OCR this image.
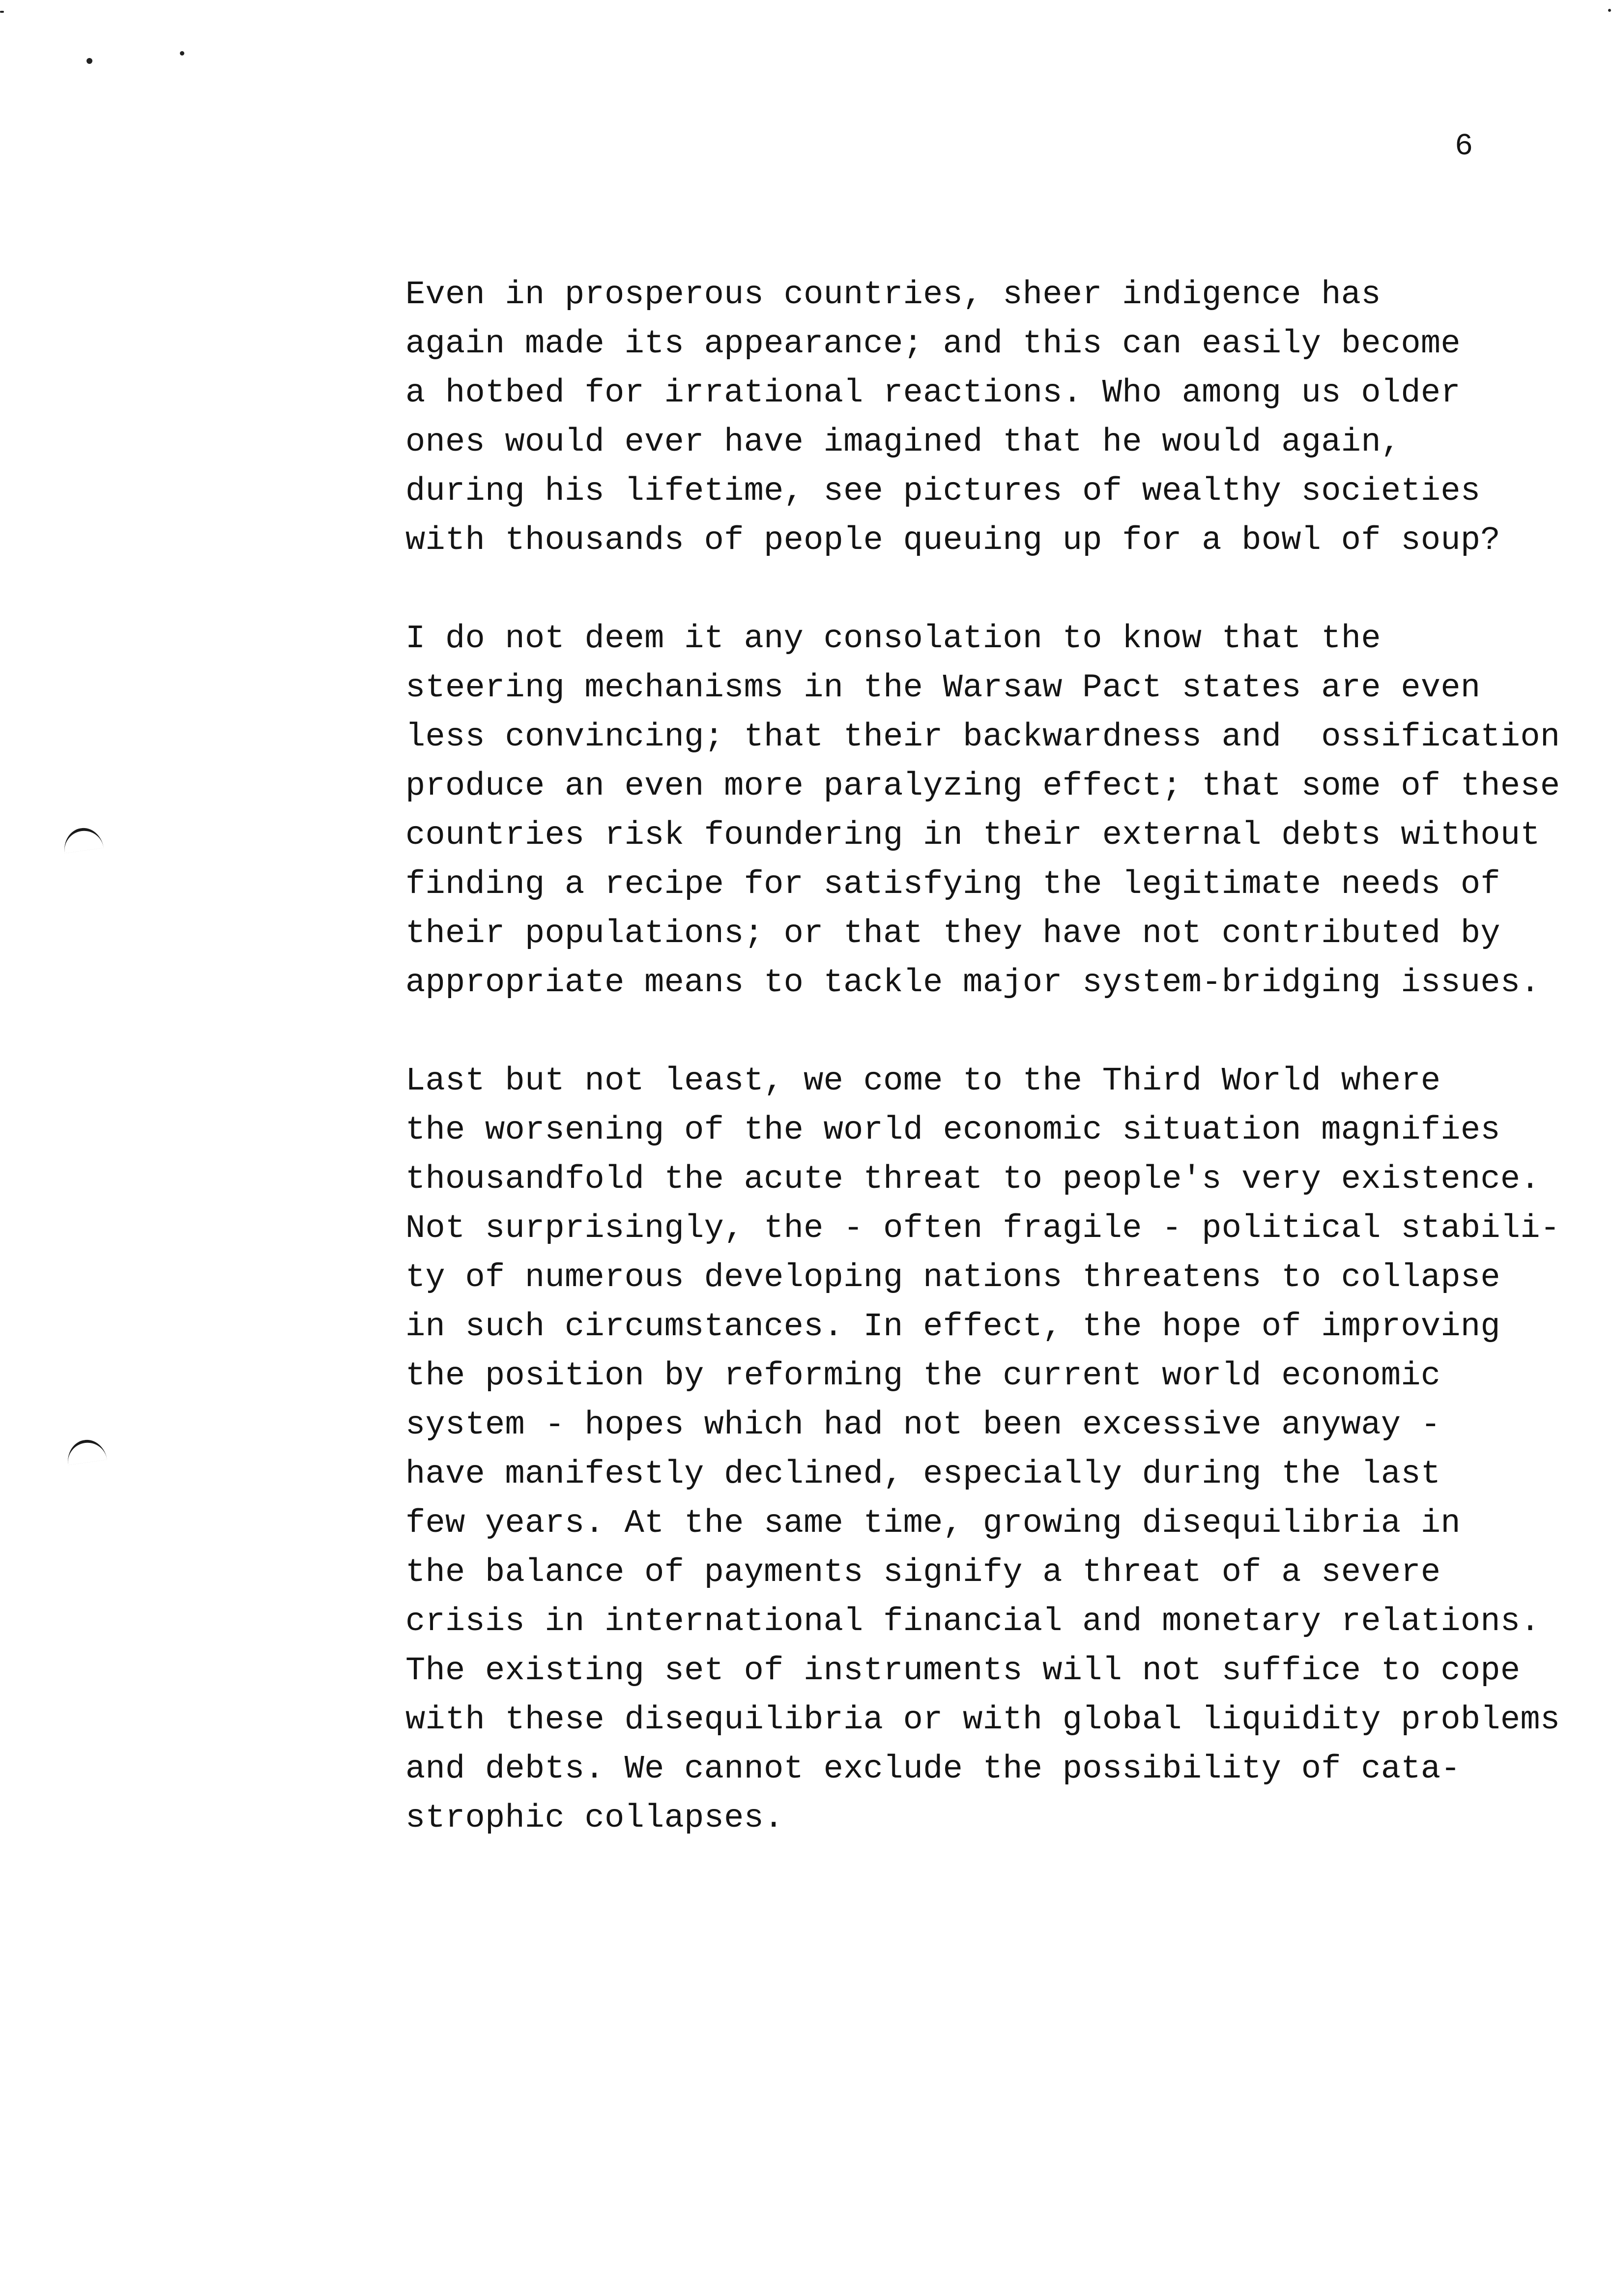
6

Even in prosperous countries, sheer indigence has
again made its appearance; and this can easily become
a hotbed for irrational reactions. Who among us older
ones would ever have imagined that he would again,
during his lifetime, see pictures of wealthy societies
with thousands of people queuing up for a bowl of soup?

I do not deem it any consolation to know that the
steering mechanisms in the Warsaw Pact states are even
less convincing; that their backwardness and  ossification
produce an even more paralyzing effect; that some of these
countries risk foundering in their external debts without
finding a recipe for satisfying the legitimate needs of
their populations; or that they have not contributed by
appropriate means to tackle major system-bridging issues.

Last but not least, we come to the Third World where
the worsening of the world economic situation magnifies
thousandfold the acute threat to people's very existence.
Not surprisingly, the - often fragile - political stabili-
ty of numerous developing nations threatens to collapse
in such circumstances. In effect, the hope of improving
the position by reforming the current world economic
system - hopes which had not been excessive anyway -
have manifestly declined, especially during the last
few years. At the same time, growing disequilibria in
the balance of payments signify a threat of a severe
crisis in international financial and monetary relations.
The existing set of instruments will not suffice to cope
with these disequilibria or with global liquidity problems
and debts. We cannot exclude the possibility of cata-
strophic collapses.
